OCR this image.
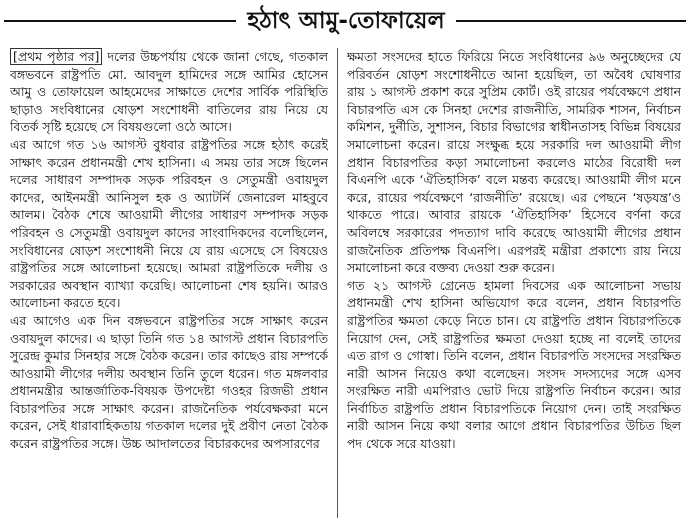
হঠাৎ আমু-তোফায়েল

[প্রথম পৃষ্ঠার পর] দলের উচ্চপর্যায় থেকে জানা গেছে, গতকাল বঙ্গভবনে রাষ্ট্রপতি মো. আবদুল হামিদের সঙ্গে আমির হোসেন আমু ও তোফায়েল আহমেদের সাক্ষাতে দেশের সার্বিক পরিস্থিতি ছাড়াও সংবিধানের ষোড়শ সংশোধনী বাতিলের রায় নিয়ে যে বিতর্ক সৃষ্টি হয়েছে সে বিষয়গুলো ওঠে আসে।

এর আগে গত ১৬ আগস্ট বুধবার রাষ্ট্রপতির সঙ্গে হঠাৎ করেই সাক্ষাৎ করেন প্রধানমন্ত্রী শেখ হাসিনা। এ সময় তার সঙ্গে ছিলেন দলের সাধারণ সম্পাদক সড়ক পরিবহন ও সেতুমন্ত্রী ওবায়দুল কাদের, আইনমন্ত্রী আনিসুল হক ও অ্যাটর্নি জেনারেল মাহবুবে আলম। বৈঠক শেষে আওয়ামী লীগের সাধারণ সম্পাদক সড়ক পরিবহন ও সেতুমন্ত্রী ওবায়দুল কাদের সাংবাদিকদের বলেছিলেন, সংবিধানের ষোড়শ সংশোধনী নিয়ে যে রায় এসেছে সে বিষয়েও রাষ্ট্রপতির সঙ্গে আলোচনা হয়েছে। আমরা রাষ্ট্রপতিকে দলীয় ও সরকারের অবস্থান ব্যাখ্যা করেছি। আলোচনা শেষ হয়নি। আরও আলোচনা করতে হবে।

এর আগেও এক দিন বঙ্গভবনে রাষ্ট্রপতির সঙ্গে সাক্ষাৎ করেন ওবায়দুল কাদের। এ ছাড়া তিনি গত ১৪ আগস্ট প্রধান বিচারপতি সুরেন্দ্র কুমার সিনহার সঙ্গে বৈঠক করেন। তার কাছেও রায় সম্পর্কে আওয়ামী লীগের দলীয় অবস্থান তিনি তুলে ধরেন। গত মঙ্গলবার প্রধানমন্ত্রীর আন্তর্জাতিক-বিষয়ক উপদেষ্টা গওহর রিজভী প্রধান বিচারপতির সঙ্গে সাক্ষাৎ করেন। রাজনৈতিক পর্যবেক্ষকরা মনে করেন, সেই ধারাবাহিকতায় গতকাল দলের দুই প্রবীণ নেতা বৈঠক করেন রাষ্ট্রপতির সঙ্গে। উচ্চ আদালতের বিচারকদের অপসারণের

ক্ষমতা সংসদের হাতে ফিরিয়ে নিতে সংবিধানের ৯৬ অনুচ্ছেদের যে পরিবর্তন ষোড়শ সংশোধনীতে আনা হয়েছিল, তা অবৈধ ঘোষণার রায় ১ আগস্ট প্রকাশ করে সুপ্রিম কোর্ট। ওই রায়ের পর্যবেক্ষণে প্রধান বিচারপতি এস কে সিনহা দেশের রাজনীতি, সামরিক শাসন, নির্বাচন কমিশন, দুর্নীতি, সুশাসন, বিচার বিভাগের স্বাধীনতাসহ বিভিন্ন বিষয়ের সমালোচনা করেন। রায়ে সংক্ষুব্ধ হয়ে সরকারি দল আওয়ামী লীগ প্রধান বিচারপতির কড়া সমালোচনা করলেও মাঠের বিরোধী দল বিএনপি একে ‘ঐতিহাসিক’ বলে মন্তব্য করেছে। আওয়ামী লীগ মনে করে, রায়ের পর্যবেক্ষণে ‘রাজনীতি’ রয়েছে। এর পেছনে ‘ষড়যন্ত্র’ও থাকতে পারে। আবার রায়কে ‘ঐতিহাসিক’ হিসেবে বর্ণনা করে অবিলম্বে সরকারের পদত্যাগ দাবি করেছে আওয়ামী লীগের প্রধান রাজনৈতিক প্রতিপক্ষ বিএনপি। এরপরই মন্ত্রীরা প্রকাশ্যে রায় নিয়ে সমালোচনা করে বক্তব্য দেওয়া শুরু করেন।

গত ২১ আগস্ট গ্রেনেড হামলা দিবসের এক আলোচনা সভায় প্রধানমন্ত্রী শেখ হাসিনা অভিযোগ করে বলেন, প্রধান বিচারপতি রাষ্ট্রপতির ক্ষমতা কেড়ে নিতে চান। যে রাষ্ট্রপতি প্রধান বিচারপতিকে নিয়োগ দেন, সেই রাষ্ট্রপতির ক্ষমতা দেওয়া হচ্ছে না বলেই তাদের এত রাগ ও গোস্বা। তিনি বলেন, প্রধান বিচারপতি সংসদের সংরক্ষিত নারী আসন নিয়েও কথা বলেছেন। সংসদ সদস্যদের সঙ্গে এসব সংরক্ষিত নারী এমপিরাও ভোট দিয়ে রাষ্ট্রপতি নির্বাচন করেন। আর নির্বাচিত রাষ্ট্রপতি প্রধান বিচারপতিকে নিয়োগ দেন। তাই সংরক্ষিত নারী আসন নিয়ে কথা বলার আগে প্রধান বিচারপতির উচিত ছিল পদ থেকে সরে যাওয়া।
